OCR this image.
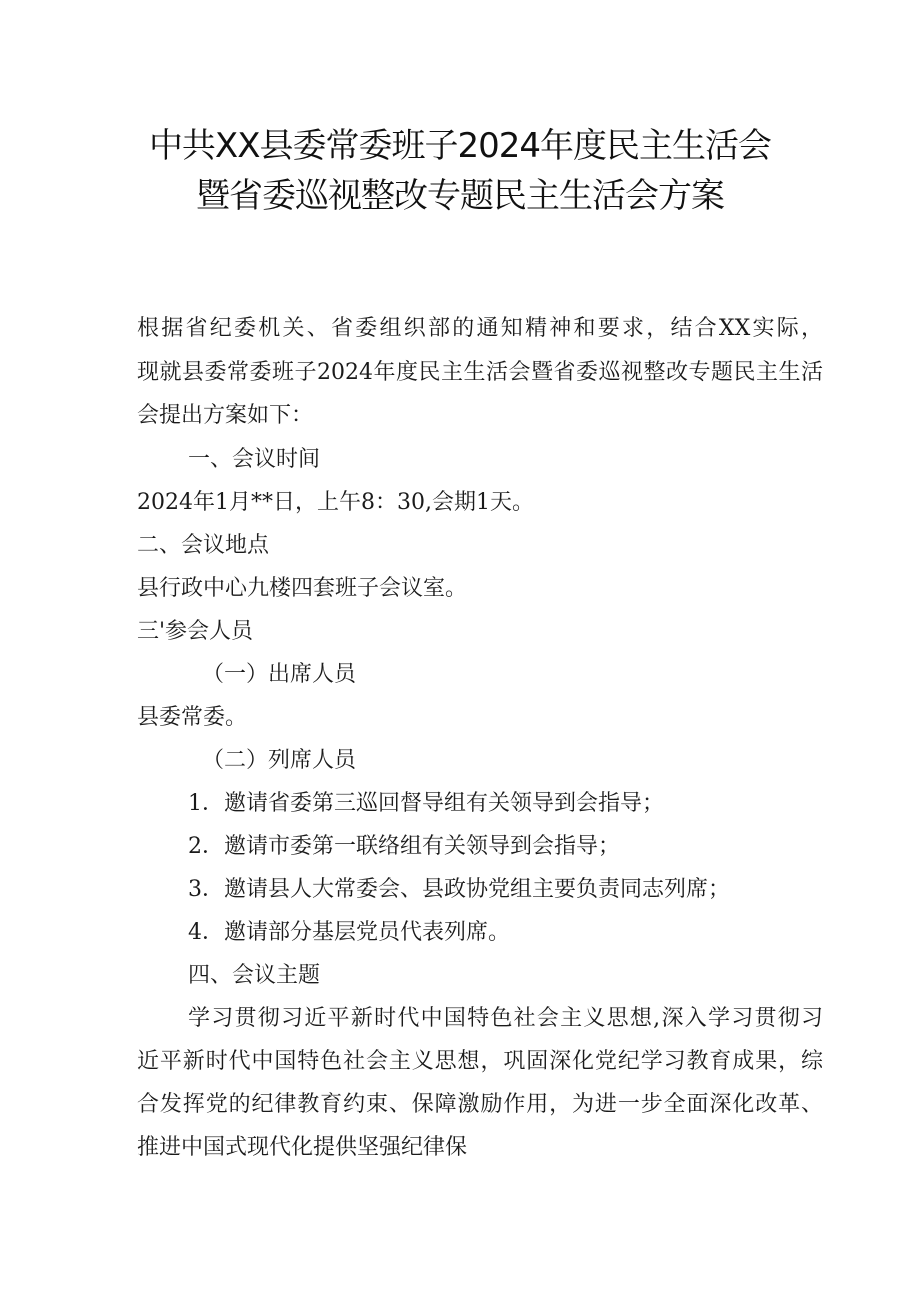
中共XX县委常委班子2024年度民主生活会
暨省委巡视整改专题民主生活会方案
根据省纪委机关、省委组织部的通知精神和要求，结合XX实际，
现就县委常委班子2024年度民主生活会暨省委巡视整改专题民主生活
会提出方案如下：
一、会议时间
2024年1月**日，上午8：30,会期1天。
二、会议地点
县行政中心九楼四套班子会议室。
三'参会人员
（一）出席人员
县委常委。
（二）列席人员
1．邀请省委第三巡回督导组有关领导到会指导；
2．邀请市委第一联络组有关领导到会指导；
3．邀请县人大常委会、县政协党组主要负责同志列席；
4．邀请部分基层党员代表列席。
四、会议主题
学习贯彻习近平新时代中国特色社会主义思想,深入学习贯彻习
近平新时代中国特色社会主义思想，巩固深化党纪学习教育成果，综
合发挥党的纪律教育约束、保障激励作用，为进一步全面深化改革、
推进中国式现代化提供坚强纪律保
